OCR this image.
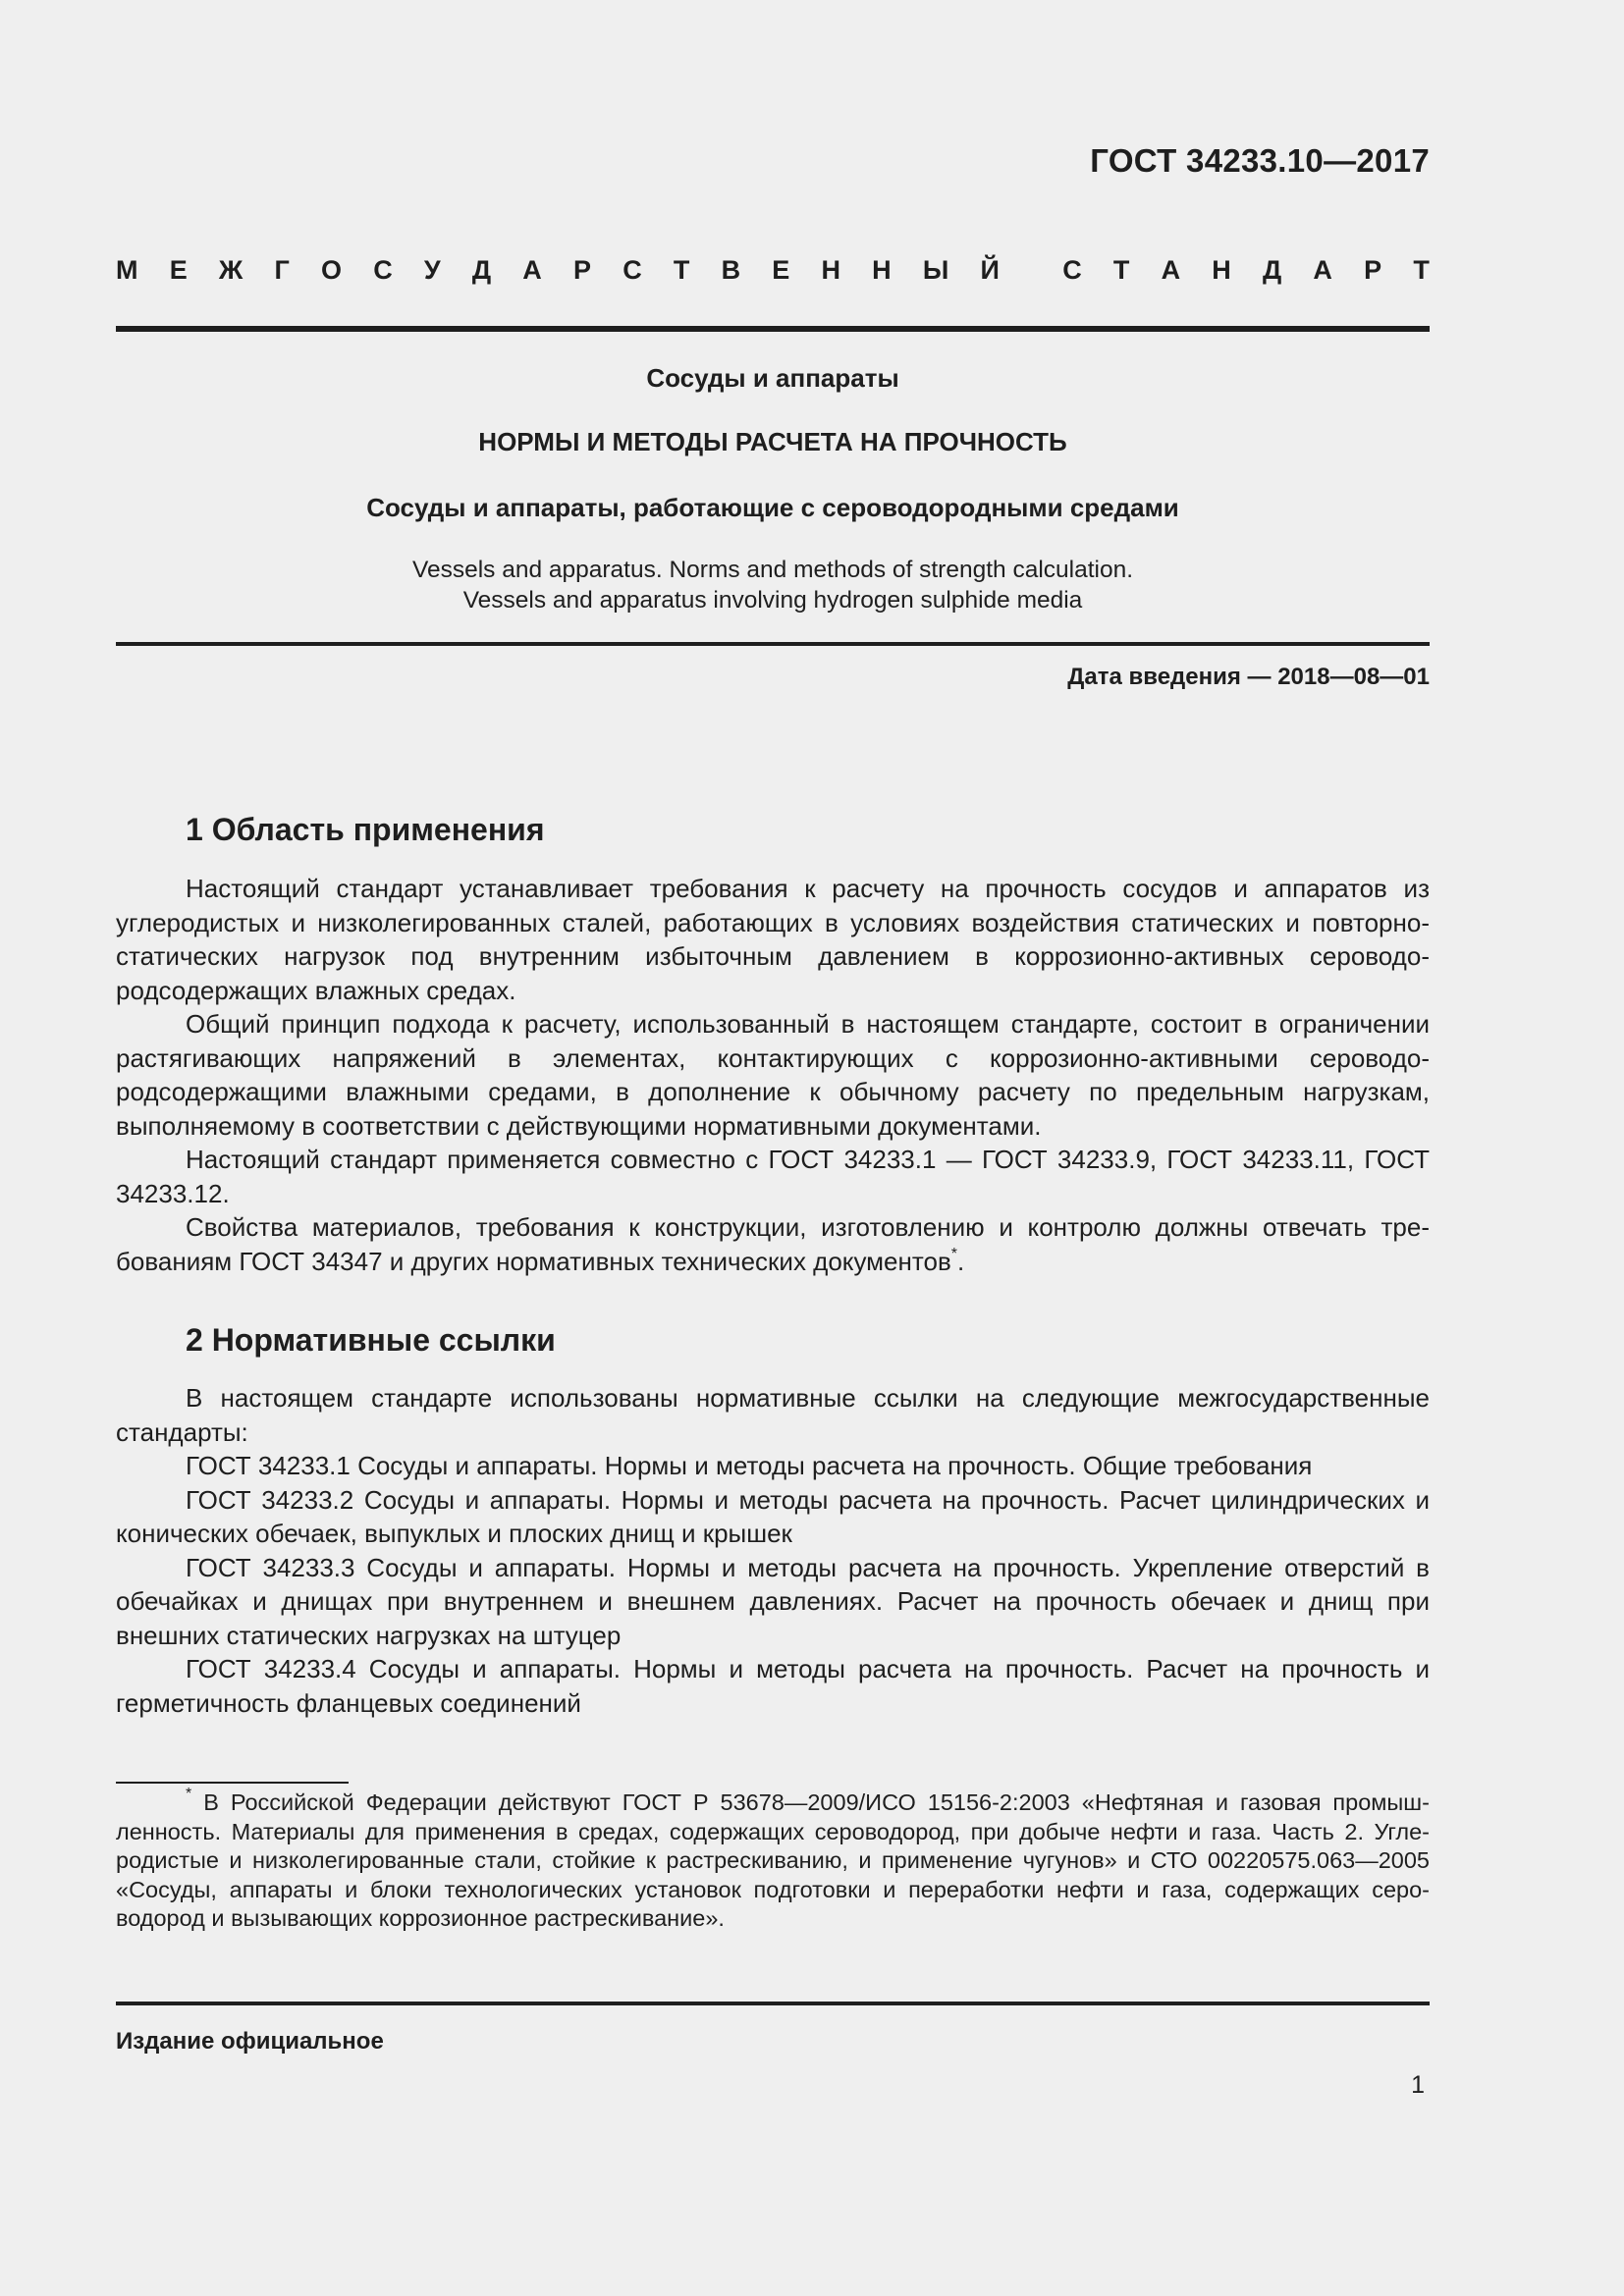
ГОСТ 34233.10—2017
М Е Ж Г О С У Д А Р С Т В Е Н Н Ы Й С Т А Н Д А Р Т
Сосуды и аппараты
НОРМЫ И МЕТОДЫ РАСЧЕТА НА ПРОЧНОСТЬ
Сосуды и аппараты, работающие с сероводородными средами
Vessels and apparatus. Norms and methods of strength calculation.
Vessels and apparatus involving hydrogen sulphide media
Дата введения — 2018—08—01
1 Область применения

Настоящий стандарт устанавливает требования к расчету на прочность сосудов и аппаратов из углеродистых и низколегированных сталей, работающих в условиях воздействия статических и повторно-статических нагрузок под внутренним избыточным давлением в коррозионно-активных сероводородсодержащих влажных средах.

Общий принцип подхода к расчету, использованный в настоящем стандарте, состоит в ограничении растягивающих напряжений в элементах, контактирующих с коррозионно-активными сероводородсодержащими влажными средами, в дополнение к обычному расчету по предельным нагрузкам, выполняемому в соответствии с действующими нормативными документами.

Настоящий стандарт применяется совместно с ГОСТ 34233.1 — ГОСТ 34233.9, ГОСТ 34233.11, ГОСТ 34233.12.

Свойства материалов, требования к конструкции, изготовлению и контролю должны отвечать требованиям ГОСТ 34347 и других нормативных технических документов*.

2 Нормативные ссылки

В настоящем стандарте использованы нормативные ссылки на следующие межгосударственные стандарты:

ГОСТ 34233.1 Сосуды и аппараты. Нормы и методы расчета на прочность. Общие требования

ГОСТ 34233.2 Сосуды и аппараты. Нормы и методы расчета на прочность. Расчет цилиндрических и конических обечаек, выпуклых и плоских днищ и крышек

ГОСТ 34233.3 Сосуды и аппараты. Нормы и методы расчета на прочность. Укрепление отверстий в обечайках и днищах при внутреннем и внешнем давлениях. Расчет на прочность обечаек и днищ при внешних статических нагрузках на штуцер

ГОСТ 34233.4 Сосуды и аппараты. Нормы и методы расчета на прочность. Расчет на прочность и герметичность фланцевых соединений

* В Российской Федерации действуют ГОСТ Р 53678—2009/ИСО 15156-2:2003 «Нефтяная и газовая промышленность. Материалы для применения в средах, содержащих сероводород, при добыче нефти и газа. Часть 2. Углеродистые и низколегированные стали, стойкие к растрескиванию, и применение чугунов» и СТО 00220575.063—2005 «Сосуды, аппараты и блоки технологических установок подготовки и переработки нефти и газа, содержащих сероводород и вызывающих коррозионное растрескивание».

Издание официальное
1
